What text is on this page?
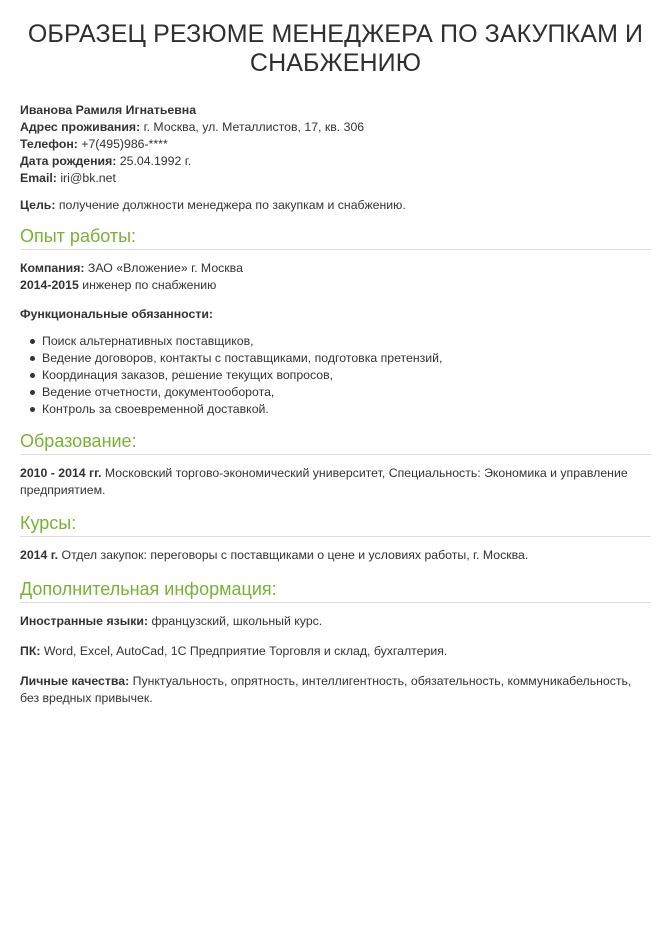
ОБРАЗЕЦ РЕЗЮМЕ МЕНЕДЖЕРА ПО ЗАКУПКАМ И СНАБЖЕНИЮ

Иванова Рамиля Игнатьевна

Адрес проживания: г. Москва, ул. Металлистов, 17, кв. 306

Телефон: +7(495)986-****

Дата рождения: 25.04.1992 г.

Email: iri@bk.net

Цель: получение должности менеджера по закупкам и снабжению.

Опыт работы:

Компания: ЗАО «Вложение» г. Москва

2014-2015 инженер по снабжению

Функциональные обязанности:

Поиск альтернативных поставщиков,
Ведение договоров, контакты с поставщиками, подготовка претензий,
Координация заказов, решение текущих вопросов,
Ведение отчетности, документооборота,
Контроль за своевременной доставкой.
Образование:

2010 - 2014 гг. Московский торгово-экономический университет, Специальность: Экономика и управление предприятием.

Курсы:

2014 г. Отдел закупок: переговоры с поставщиками о цене и условиях работы, г. Москва.

Дополнительная информация:

Иностранные языки: французский, школьный курс.

ПК: Word, Excel, AutoCad, 1С Предприятие Торговля и склад, бухгалтерия.

Личные качества: Пунктуальность, опрятность, интеллигентность, обязательность, коммуникабельность, без вредных привычек.
